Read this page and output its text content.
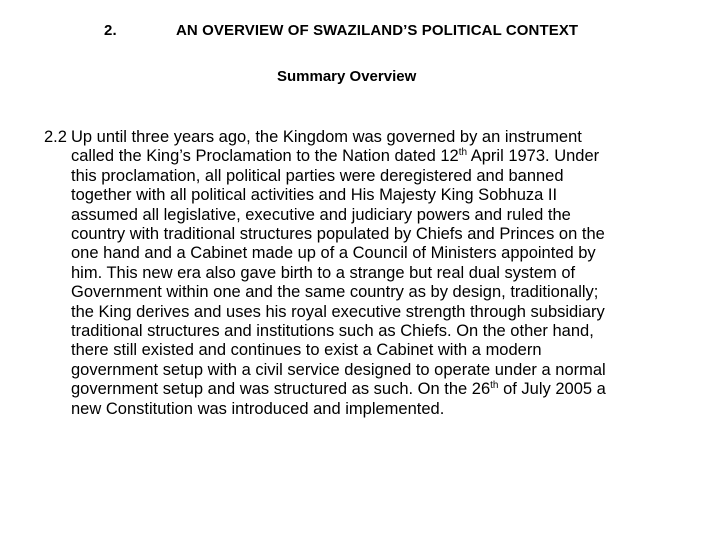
2.	AN OVERVIEW OF SWAZILAND’S POLITICAL CONTEXT
Summary Overview
2.2 Up until three years ago, the Kingdom was governed by an instrument
called the King’s Proclamation to the Nation dated 12th April 1973. Under
this proclamation, all political parties were deregistered and banned
together with all political activities and His Majesty King Sobhuza II
assumed all legislative, executive and judiciary powers and ruled the
country with traditional structures populated by Chiefs and Princes on the
one hand and a Cabinet made up of a Council of Ministers appointed by
him. This new era also gave birth to a strange but real dual system of
Government within one and the same country as by design, traditionally;
the King derives and uses his royal executive strength through subsidiary
traditional structures and institutions such as Chiefs. On the other hand,
there still existed and continues to exist a Cabinet with a modern
government setup with a civil service designed to operate under a normal
government setup and was structured as such. On the 26th of July 2005 a
new Constitution was introduced and implemented.
